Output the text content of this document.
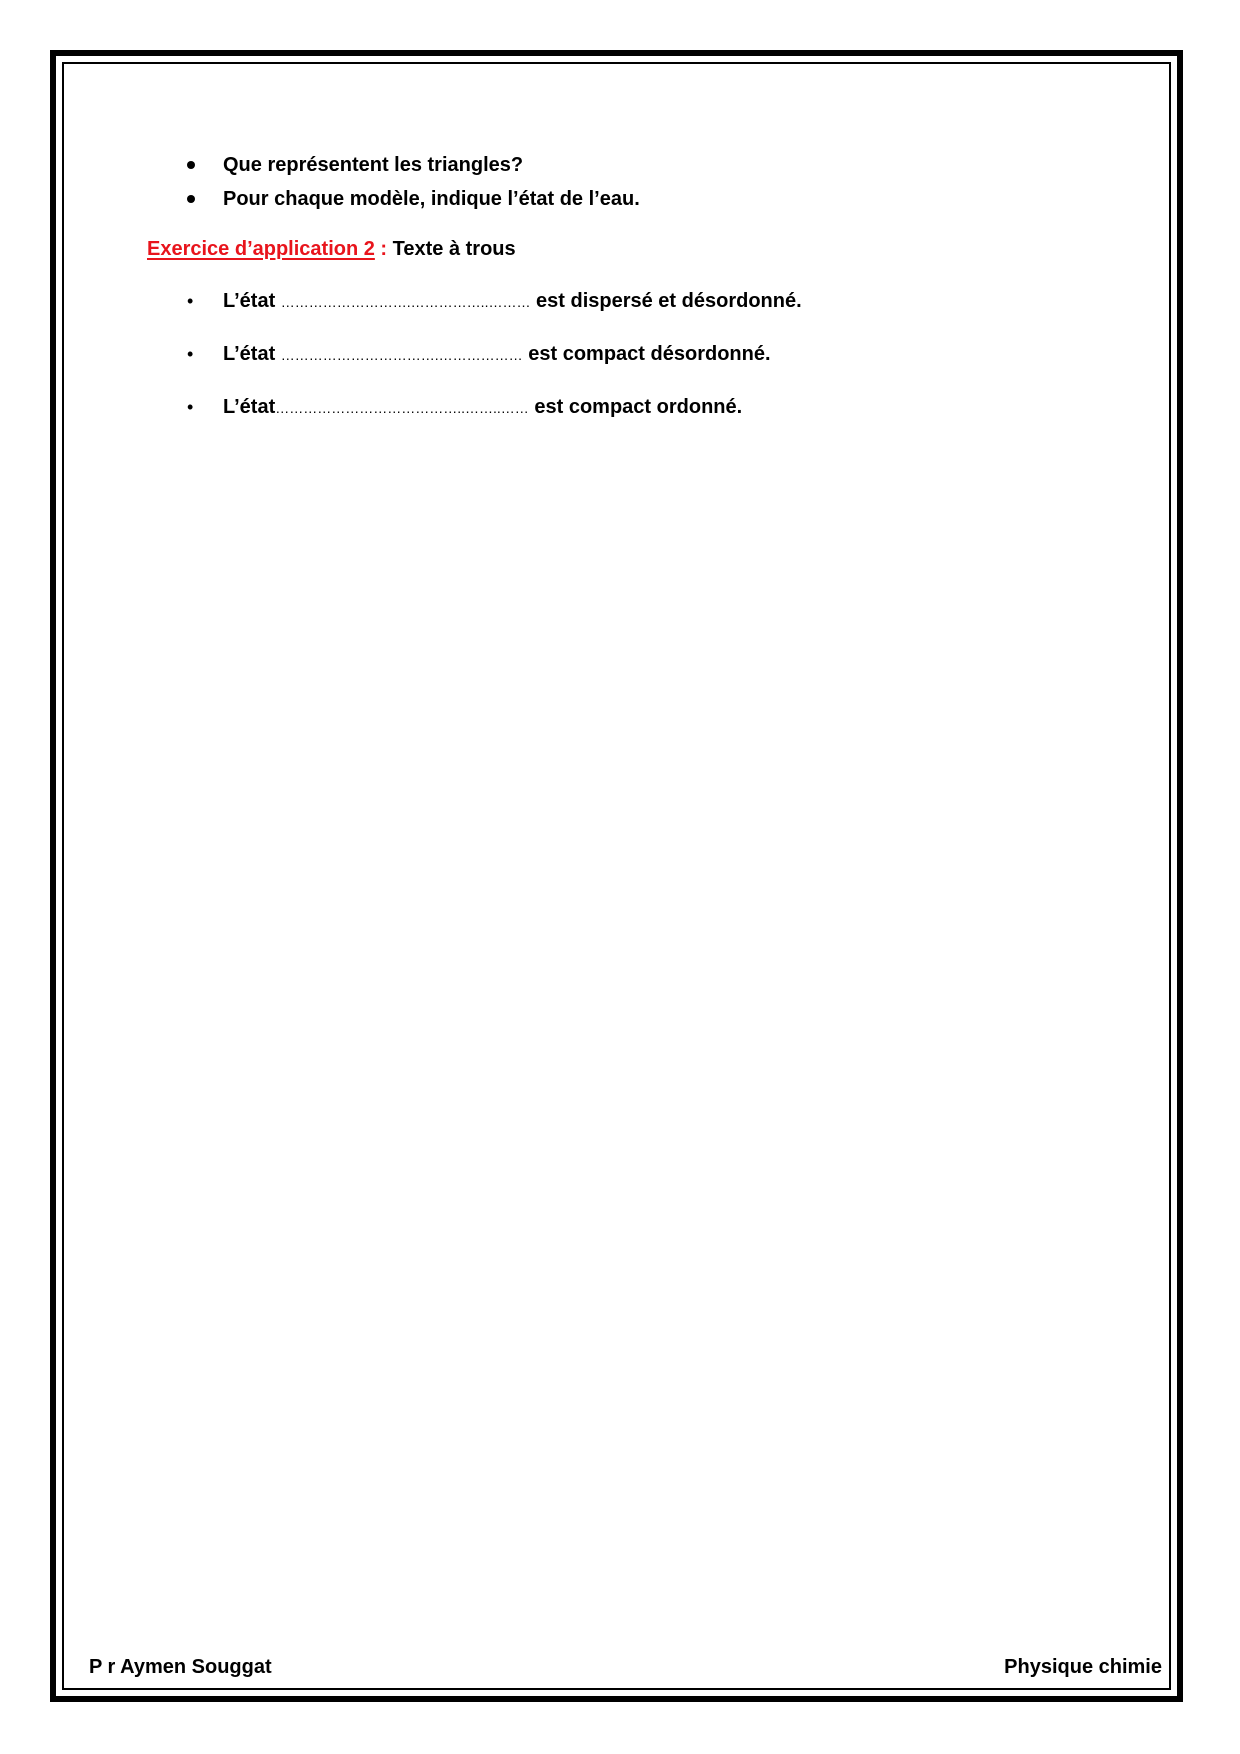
Que représentent les triangles?
Pour chaque modèle, indique l’état de l’eau.
Exercice d’application 2 : Texte à trous
• L’état ……………………….……………..……… est dispersé et désordonné.
• L’état …………………………….……………… est compact désordonné.
• L’état…………………………………..……..…… est compact ordonné.
P r Aymen Souggat	Physique chimie
